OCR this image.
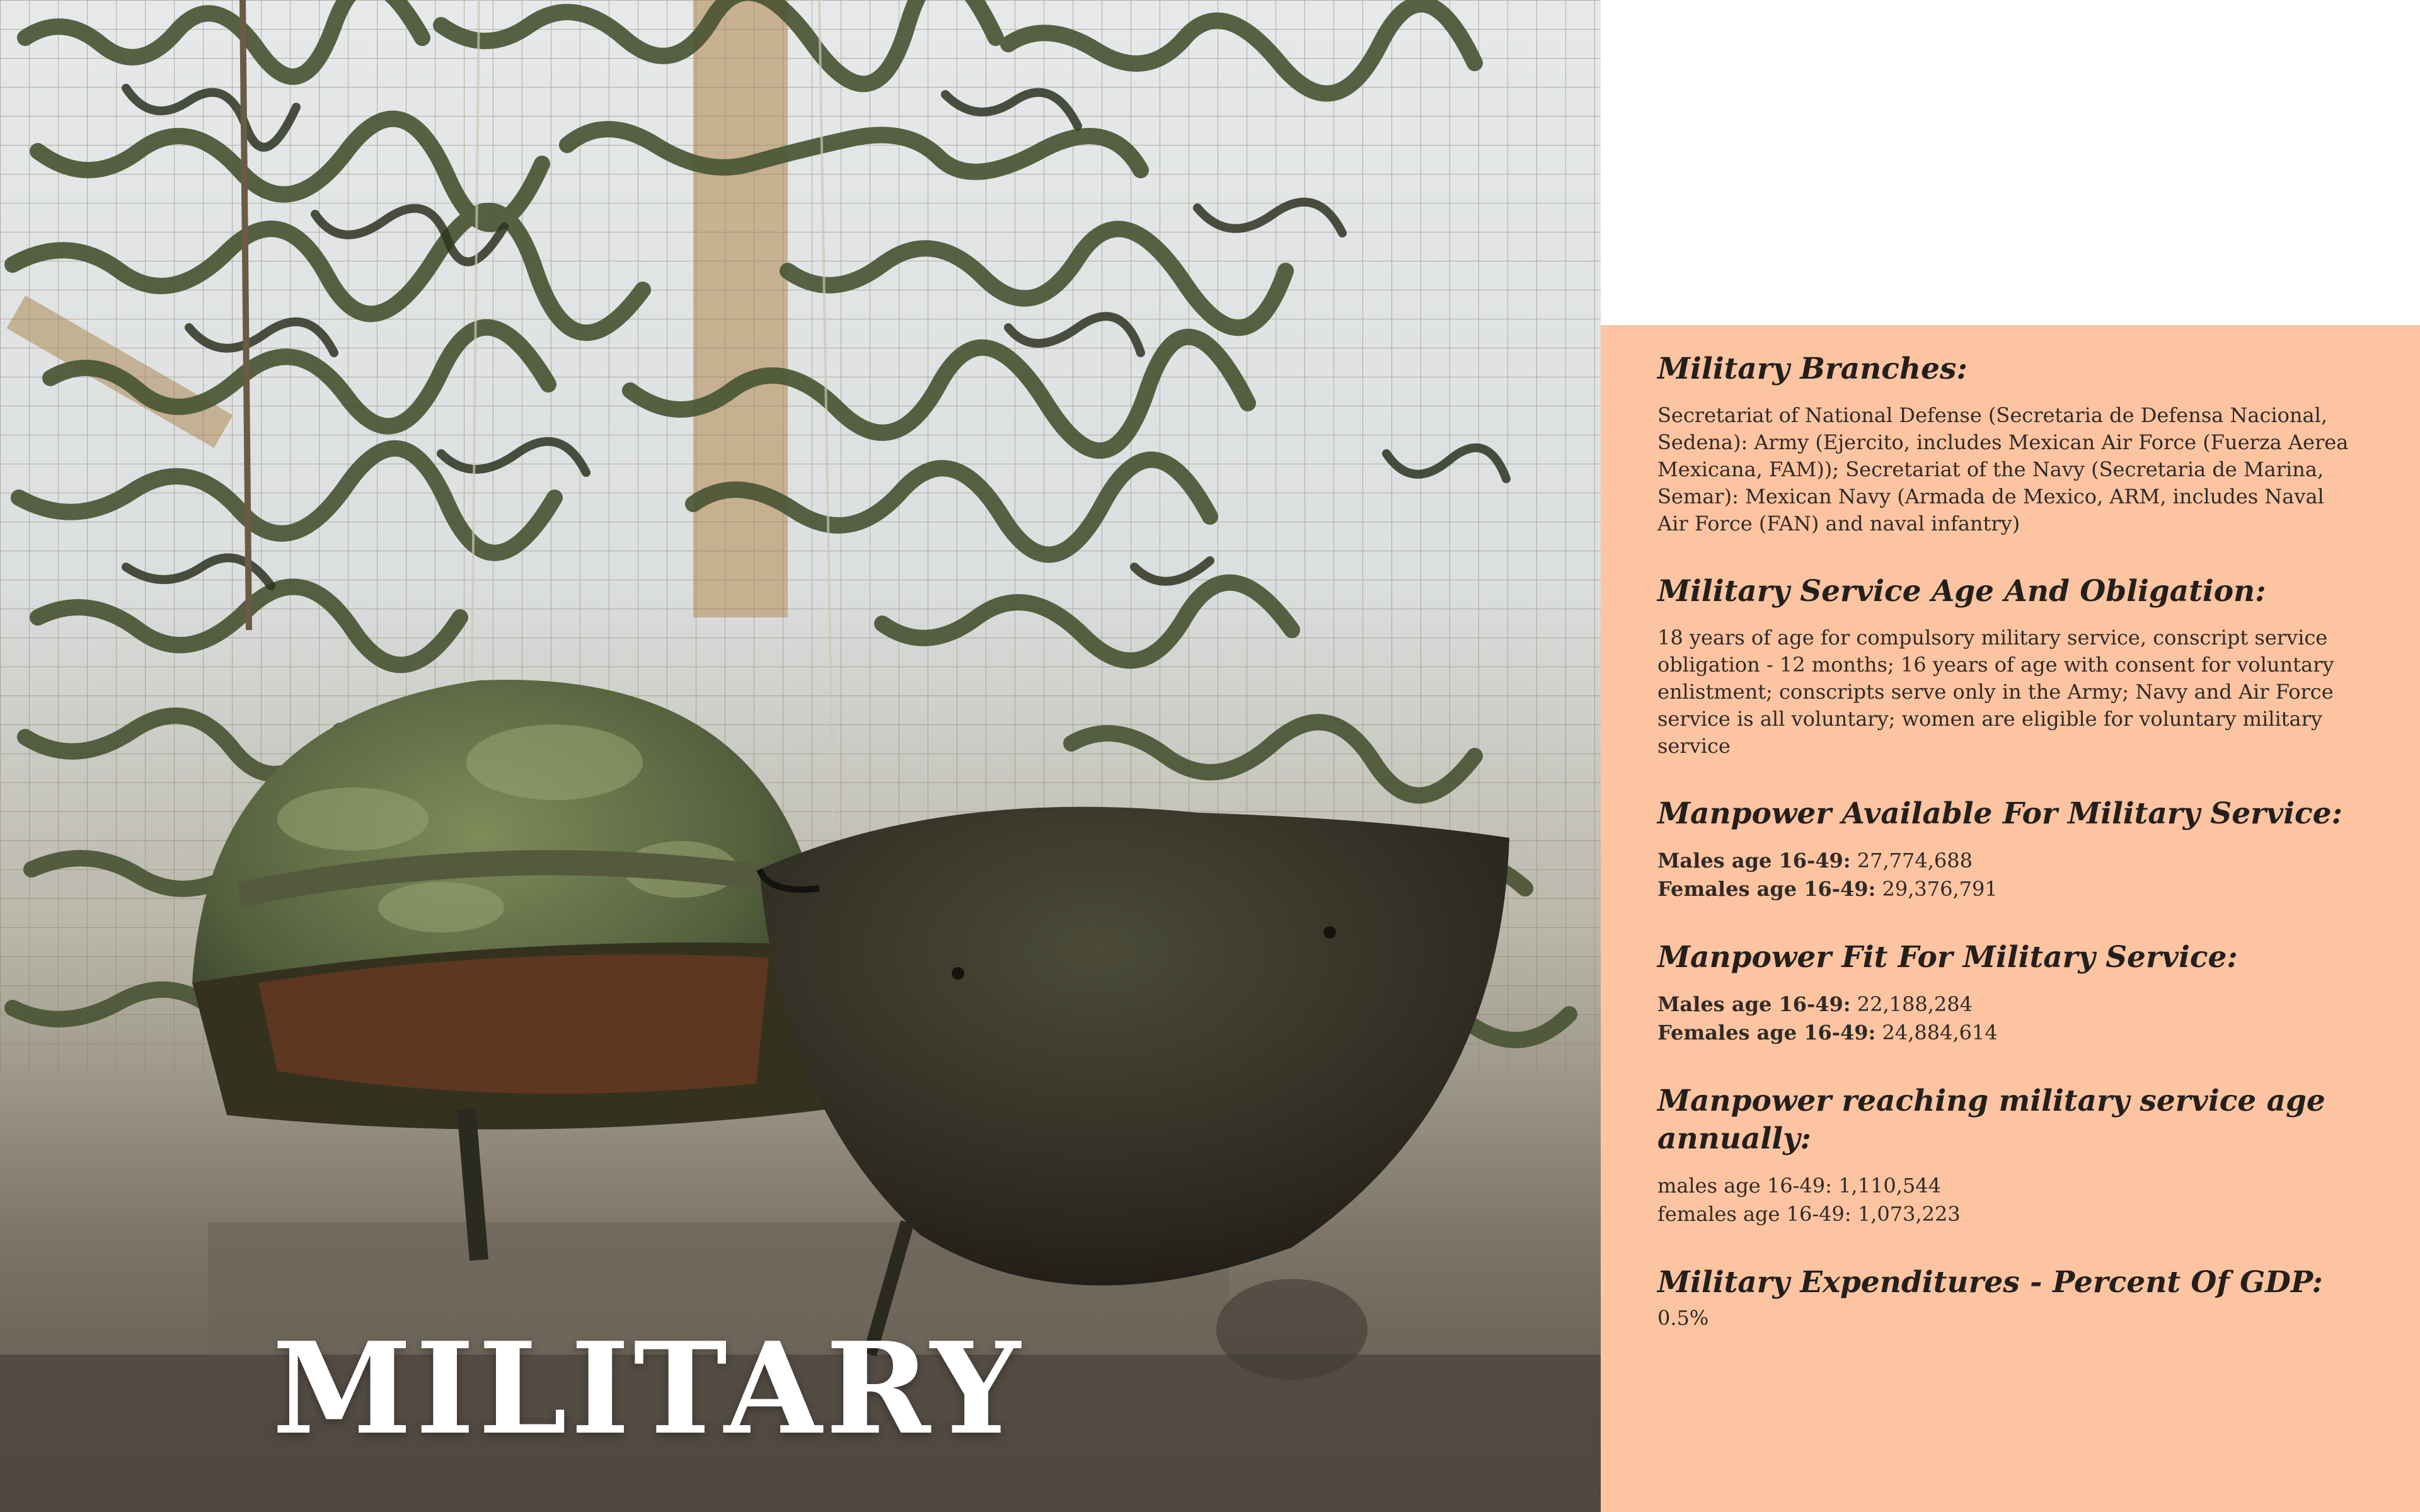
MILITARY
Military Branches:

Secretariat of National Defense (Secretaria de Defensa Nacional, Sedena): Army (Ejercito, includes Mexican Air Force (Fuerza Aerea Mexicana, FAM)); Secretariat of the Navy (Secretaria de Marina, Semar): Mexican Navy (Armada de Mexico, ARM, includes Naval Air Force (FAN) and naval infantry)

Military Service Age And Obligation:

18 years of age for compulsory military service, conscript service obligation - 12 months; 16 years of age with consent for voluntary enlistment; conscripts serve only in the Army; Navy and Air Force service is all voluntary; women are eligible for voluntary military service

Manpower Available For Military Service:
Males age 16-49: 27,774,688
Females age 16-49: 29,376,791
Manpower Fit For Military Service:
Males age 16-49: 22,188,284
Females age 16-49: 24,884,614
Manpower reaching military service age annually:
males age 16-49: 1,110,544
females age 16-49: 1,073,223
Military Expenditures - Percent Of GDP:
0.5%
